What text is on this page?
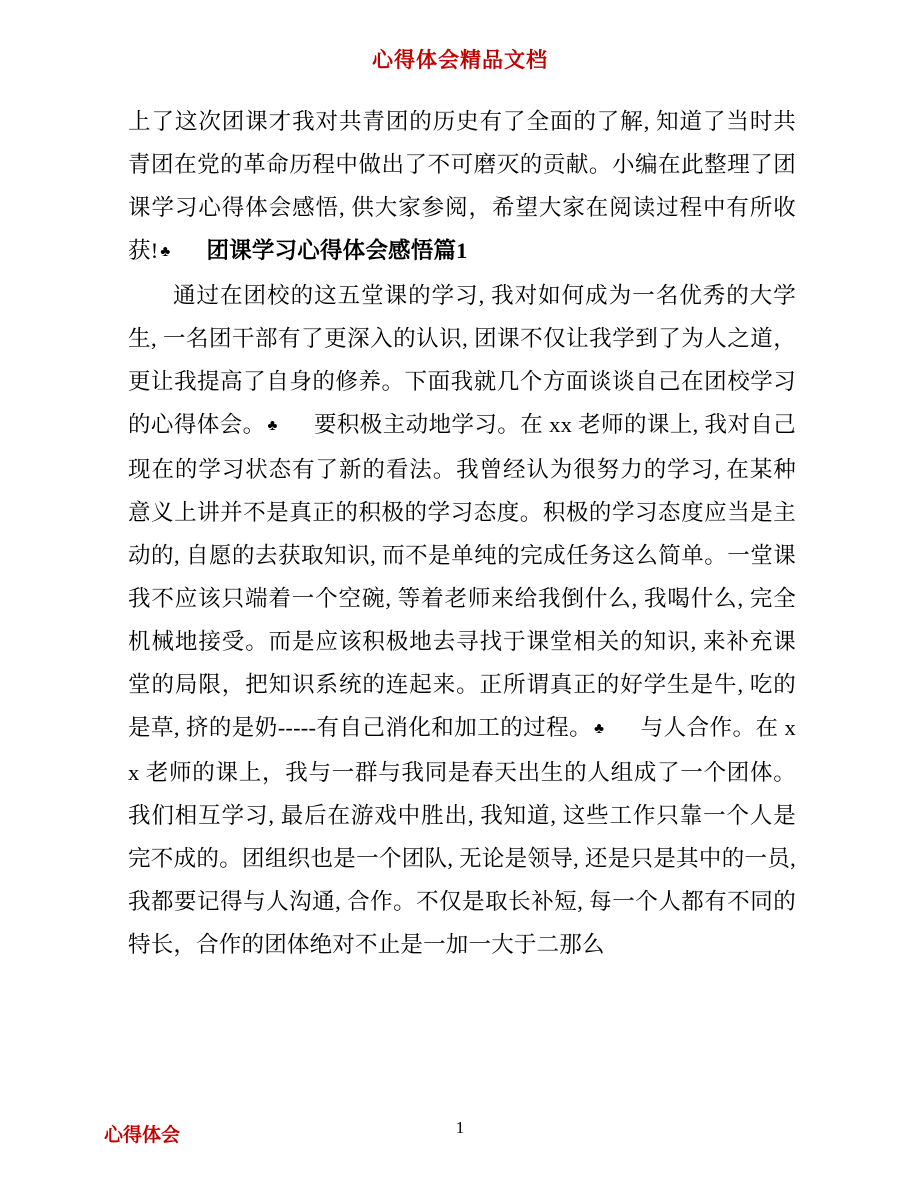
心得体会精品文档

上了这次团课才我对共青团的历史有了全面的了解, 知道了当时共青团在党的革命历程中做出了不可磨灭的贡献。小编在此整理了团课学习心得体会感悟, 供大家参阅，希望大家在阅读过程中有所收获! ♣ 团课学习心得体会感悟篇1

通过在团校的这五堂课的学习, 我对如何成为一名优秀的大学生, 一名团干部有了更深入的认识, 团课不仅让我学到了为人之道，更让我提高了自身的修养。下面我就几个方面谈谈自己在团校学习的心得体会。 ♣ 要积极主动地学习。在 xx 老师的课上, 我对自己现在的学习状态有了新的看法。我曾经认为很努力的学习, 在某种意义上讲并不是真正的积极的学习态度。积极的学习态度应当是主动的, 自愿的去获取知识, 而不是单纯的完成任务这么简单。一堂课我不应该只端着一个空碗, 等着老师来给我倒什么, 我喝什么, 完全机械地接受。而是应该积极地去寻找于课堂相关的知识, 来补充课堂的局限，把知识系统的连起来。正所谓真正的好学生是牛, 吃的是草, 挤的是奶-----有自己消化和加工的过程。 ♣ 与人合作。在 x x 老师的课上，我与一群与我同是春天出生的人组成了一个团体。我们相互学习, 最后在游戏中胜出, 我知道, 这些工作只靠一个人是完不成的。团组织也是一个团队, 无论是领导, 还是只是其中的一员, 我都要记得与人沟通, 合作。不仅是取长补短, 每一个人都有不同的特长，合作的团体绝对不止是一加一大于二那么

心得体会	1
